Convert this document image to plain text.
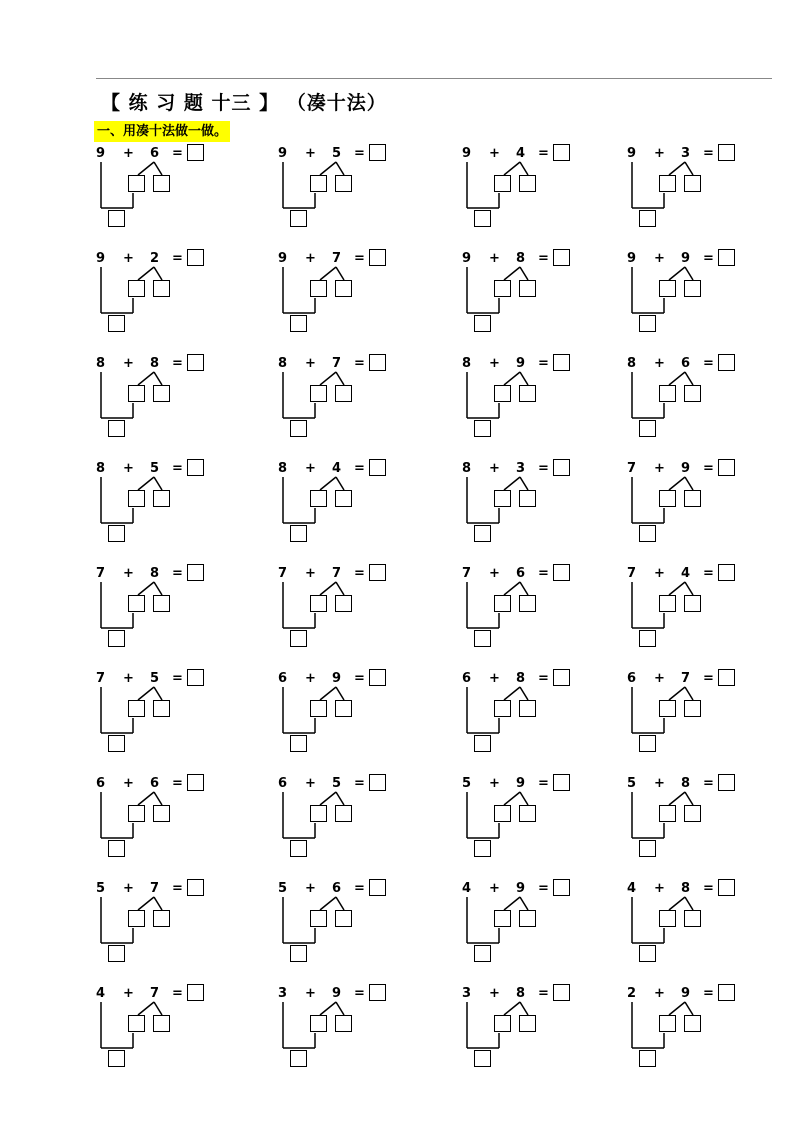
【 练 习 题 十三 】 （凑十法）
一、用凑十法做一做。
9 + 6 =	9 + 5 =	9 + 4 =	9 + 3 =
9 + 2 =	9 + 7 =	9 + 8 =	9 + 9 =
8 + 8 =	8 + 7 =	8 + 9 =	8 + 6 =
8 + 5 =	8 + 4 =	8 + 3 =	7 + 9 =
7 + 8 =	7 + 7 =	7 + 6 =	7 + 4 =
7 + 5 =	6 + 9 =	6 + 8 =	6 + 7 =
6 + 6 =	6 + 5 =	5 + 9 =	5 + 8 =
5 + 7 =	5 + 6 =	4 + 9 =	4 + 8 =
4 + 7 =	3 + 9 =	3 + 8 =	2 + 9 =
